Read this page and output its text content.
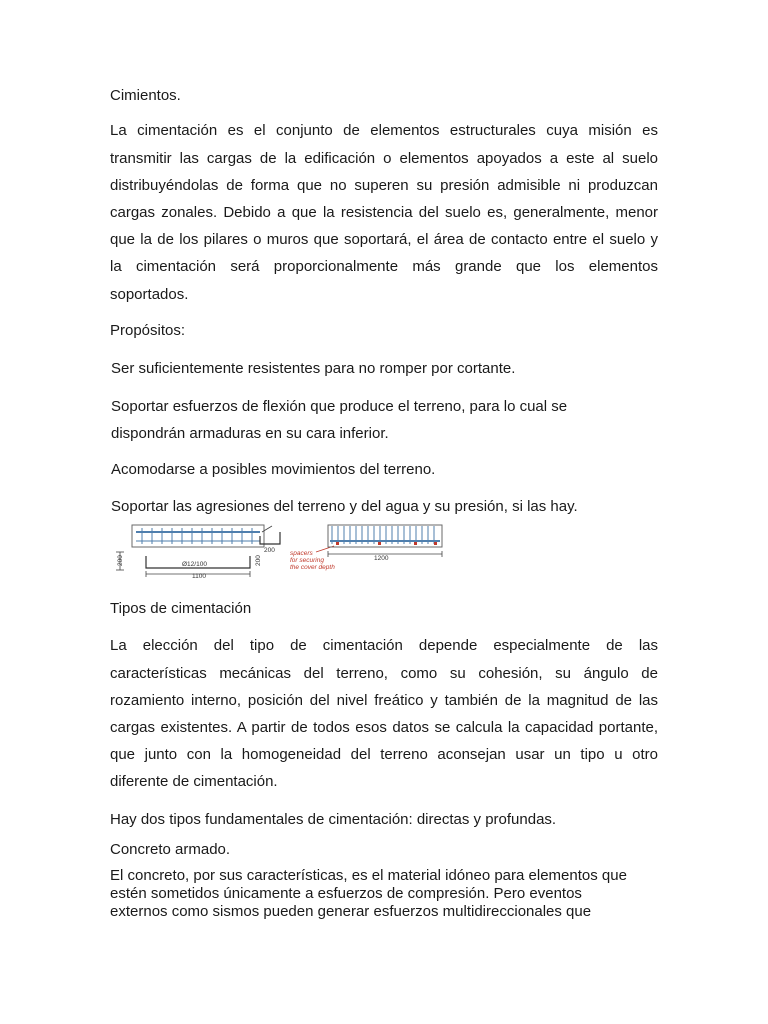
Cimientos.

La cimentación es el conjunto de elementos estructurales cuya misión es

transmitir las cargas de la edificación o elementos apoyados a este al suelo

distribuyéndolas de forma que no superen su presión admisible ni produzcan

cargas zonales. Debido a que la resistencia del suelo es, generalmente, menor

que la de los pilares o muros que soportará, el área de contacto entre el suelo y

la cimentación será proporcionalmente más grande que los elementos

soportados.

Propósitos:

Ser suficientemente resistentes para no romper por cortante.

Soportar esfuerzos de flexión que produce el terreno, para lo cual se

dispondrán armaduras en su cara inferior.

Acomodarse a posibles movimientos del terreno.

Soportar las agresiones del terreno y del agua y su presión, si las hay.

200	200
Ø12/100
1100
200 spacers
for securing
the cover depth
1200

Tipos de cimentación

La elección del tipo de cimentación depende especialmente de las

características mecánicas del terreno, como su cohesión, su ángulo de

rozamiento interno, posición del nivel freático y también de la magnitud de las

cargas existentes. A partir de todos esos datos se calcula la capacidad portante,

que junto con la homogeneidad del terreno aconsejan usar un tipo u otro

diferente de cimentación.

Hay dos tipos fundamentales de cimentación: directas y profundas.

Concreto armado.

El concreto, por sus características, es el material idóneo para elementos que

estén sometidos únicamente a esfuerzos de compresión. Pero eventos

externos como sismos pueden generar esfuerzos multidireccionales que
